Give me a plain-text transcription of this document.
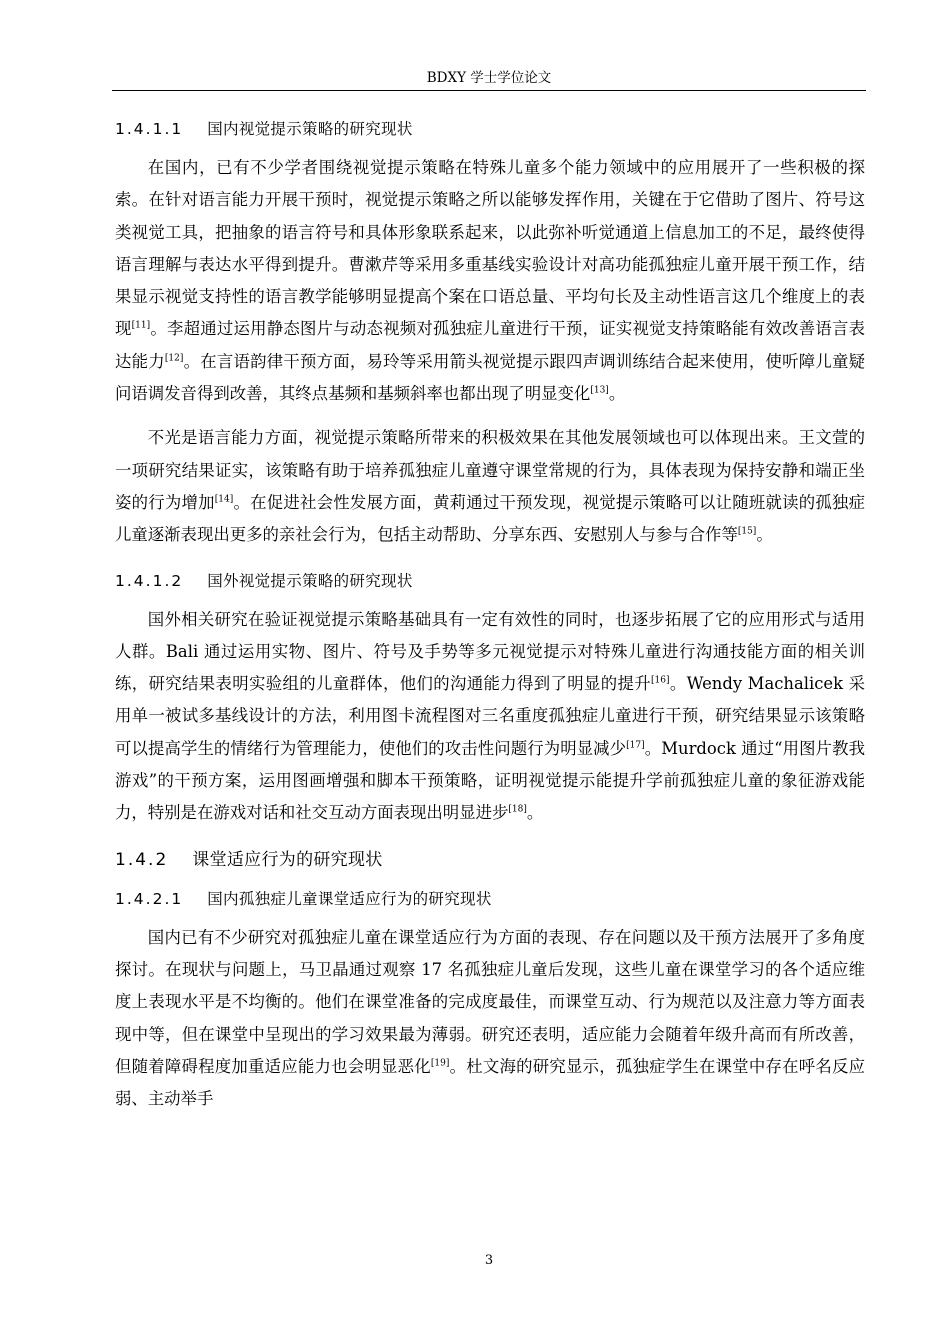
BDXY 学士学位论文
1.4.1.1 国内视觉提示策略的研究现状

在国内，已有不少学者围绕视觉提示策略在特殊儿童多个能力领域中的应用展开了一些积极的探索。在针对语言能力开展干预时，视觉提示策略之所以能够发挥作用，关键在于它借助了图片、符号这类视觉工具，把抽象的语言符号和具体形象联系起来，以此弥补听觉通道上信息加工的不足，最终使得语言理解与表达水平得到提升。曹漱芹等采用多重基线实验设计对高功能孤独症儿童开展干预工作，结果显示视觉支持性的语言教学能够明显提高个案在口语总量、平均句长及主动性语言这几个维度上的表现[11]。李超通过运用静态图片与动态视频对孤独症儿童进行干预，证实视觉支持策略能有效改善语言表达能力[12]。在言语韵律干预方面，易玲等采用箭头视觉提示跟四声调训练结合起来使用，使听障儿童疑问语调发音得到改善，其终点基频和基频斜率也都出现了明显变化[13]。

不光是语言能力方面，视觉提示策略所带来的积极效果在其他发展领域也可以体现出来。王文萱的一项研究结果证实，该策略有助于培养孤独症儿童遵守课堂常规的行为，具体表现为保持安静和端正坐姿的行为增加[14]。在促进社会性发展方面，黄莉通过干预发现，视觉提示策略可以让随班就读的孤独症儿童逐渐表现出更多的亲社会行为，包括主动帮助、分享东西、安慰别人与参与合作等[15]。

1.4.1.2 国外视觉提示策略的研究现状

国外相关研究在验证视觉提示策略基础具有一定有效性的同时，也逐步拓展了它的应用形式与适用人群。Bali 通过运用实物、图片、符号及手势等多元视觉提示对特殊儿童进行沟通技能方面的相关训练，研究结果表明实验组的儿童群体，他们的沟通能力得到了明显的提升[16]。Wendy Machalicek 采用单一被试多基线设计的方法，利用图卡流程图对三名重度孤独症儿童进行干预，研究结果显示该策略可以提高学生的情绪行为管理能力，使他们的攻击性问题行为明显减少[17]。Murdock 通过“用图片教我游戏”的干预方案，运用图画增强和脚本干预策略，证明视觉提示能提升学前孤独症儿童的象征游戏能力，特别是在游戏对话和社交互动方面表现出明显进步[18]。

1.4.2 课堂适应行为的研究现状
1.4.2.1 国内孤独症儿童课堂适应行为的研究现状

国内已有不少研究对孤独症儿童在课堂适应行为方面的表现、存在问题以及干预方法展开了多角度探讨。在现状与问题上，马卫晶通过观察 17 名孤独症儿童后发现，这些儿童在课堂学习的各个适应维度上表现水平是不均衡的。他们在课堂准备的完成度最佳，而课堂互动、行为规范以及注意力等方面表现中等，但在课堂中呈现出的学习效果最为薄弱。研究还表明，适应能力会随着年级升高而有所改善，但随着障碍程度加重适应能力也会明显恶化[19]。杜文海的研究显示，孤独症学生在课堂中存在呼名反应弱、主动举手

3
